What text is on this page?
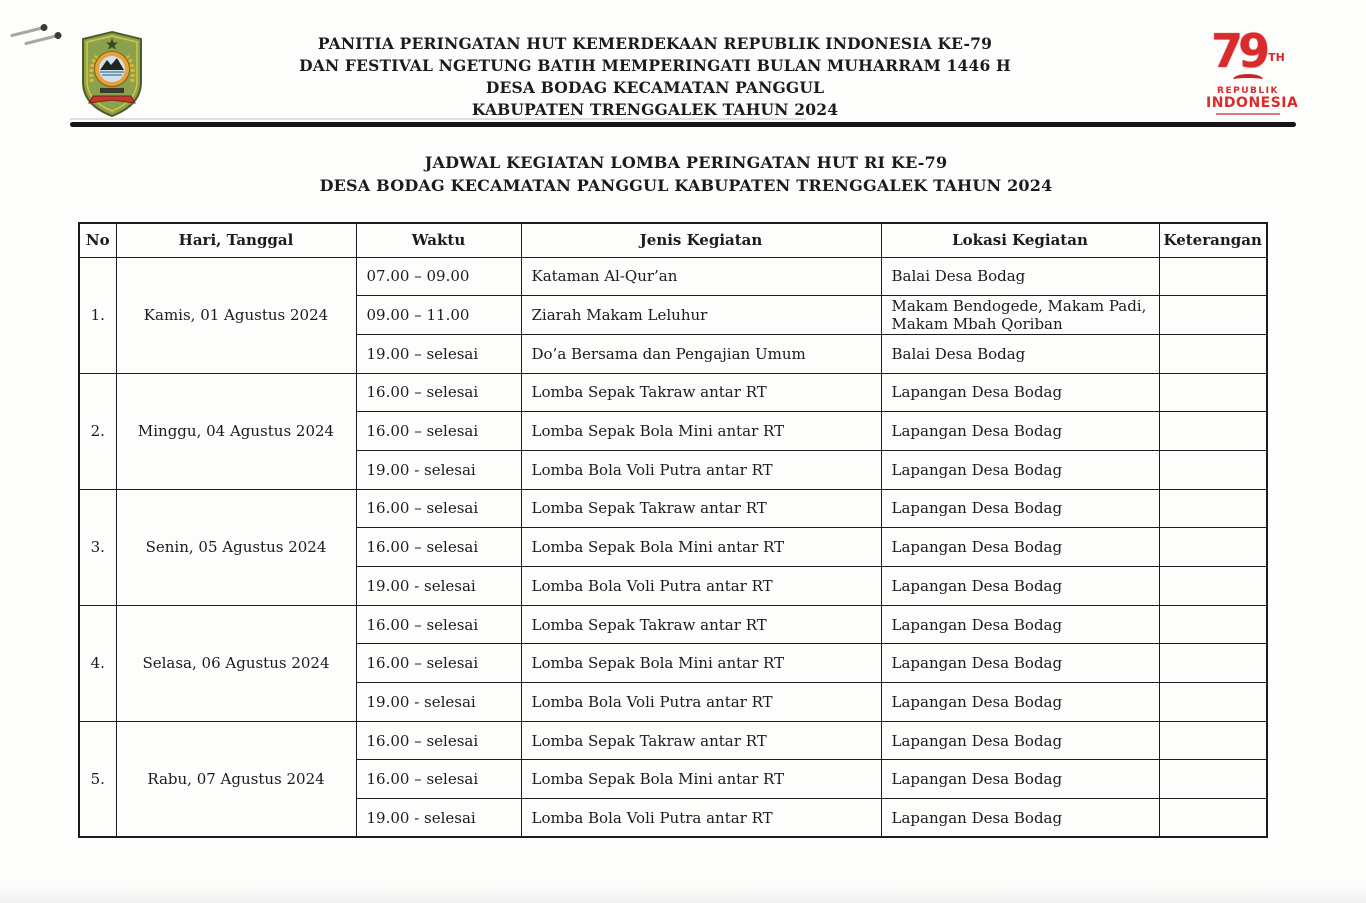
PANITIA PERINGATAN HUT KEMERDEKAAN REPUBLIK INDONESIA KE-79
DAN FESTIVAL NGETUNG BATIH MEMPERINGATI BULAN MUHARRAM 1446 H
DESA BODAG KECAMATAN PANGGUL
KABUPATEN TRENGGALEK TAHUN 2024
79 $^{TH}$
REPUBLIK
INDONESIA
JADWAL KEGIATAN LOMBA PERINGATAN HUT RI KE-79
DESA BODAG KECAMATAN PANGGUL KABUPATEN TRENGGALEK TAHUN 2024
No	Hari, Tanggal	Waktu	Jenis Kegiatan	Lokasi Kegiatan	Keterangan
1.	Kamis, 01 Agustus 2024	07.00 – 09.00	Kataman Al-Qur’an	Balai Desa Bodag	
		09.00 – 11.00	Ziarah Makam Leluhur	Makam Bendogede, Makam Padi, Makam Mbah Qoriban	
		19.00 – selesai	Do’a Bersama dan Pengajian Umum	Balai Desa Bodag	
2.	Minggu, 04 Agustus 2024	16.00 – selesai	Lomba Sepak Takraw antar RT	Lapangan Desa Bodag	
		16.00 – selesai	Lomba Sepak Bola Mini antar RT	Lapangan Desa Bodag	
		19.00 - selesai	Lomba Bola Voli Putra antar RT	Lapangan Desa Bodag	
3.	Senin, 05 Agustus 2024	16.00 – selesai	Lomba Sepak Takraw antar RT	Lapangan Desa Bodag	
		16.00 – selesai	Lomba Sepak Bola Mini antar RT	Lapangan Desa Bodag	
		19.00 - selesai	Lomba Bola Voli Putra antar RT	Lapangan Desa Bodag	
4.	Selasa, 06 Agustus 2024	16.00 – selesai	Lomba Sepak Takraw antar RT	Lapangan Desa Bodag	
		16.00 – selesai	Lomba Sepak Bola Mini antar RT	Lapangan Desa Bodag	
		19.00 - selesai	Lomba Bola Voli Putra antar RT	Lapangan Desa Bodag	
5.	Rabu, 07 Agustus 2024	16.00 – selesai	Lomba Sepak Takraw antar RT	Lapangan Desa Bodag	
		16.00 – selesai	Lomba Sepak Bola Mini antar RT	Lapangan Desa Bodag	
		19.00 - selesai	Lomba Bola Voli Putra antar RT	Lapangan Desa Bodag	
